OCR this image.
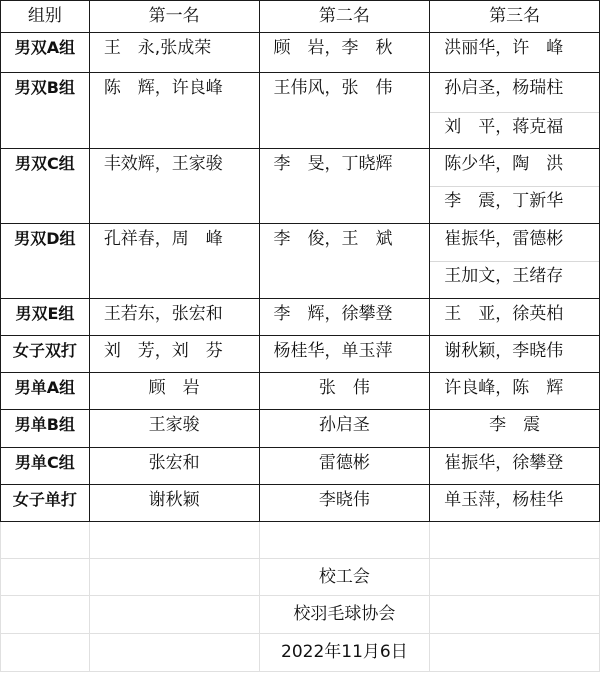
组别	第一名	第二名	第三名
男双A组	王　永,张成荣	顾　岩，李　秋	洪丽华，许　峰
男双B组	陈　辉，许良峰	王伟风，张　伟	孙启圣，杨瑞柱
			刘　平，蒋克福
男双C组	丰效辉，王家骏	李　旻，丁晓辉	陈少华，陶　洪
			李　震，丁新华
男双D组	孔祥春，周　峰	李　俊，王　斌	崔振华，雷德彬
			王加文，王绪存
男双E组	王若东，张宏和	李　辉，徐攀登	王　亚，徐英柏
女子双打	刘　芳，刘　芬	杨桂华，单玉萍	谢秋颖，李晓伟
男单A组	顾　岩	张　伟	许良峰，陈　辉
男单B组	王家骏	孙启圣	李　震
男单C组	张宏和	雷德彬	崔振华，徐攀登
女子单打	谢秋颖	李晓伟	单玉萍，杨桂华

		校工会	
		校羽毛球协会	
		2022年11月6日	
